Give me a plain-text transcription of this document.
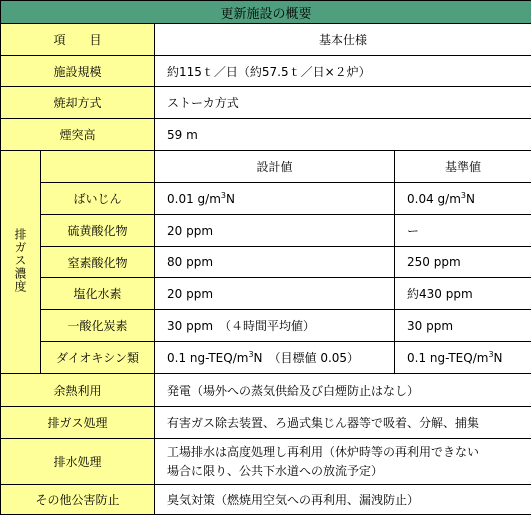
更新施設の概要			
項　　目		基本仕様	
施設規模		約115ｔ／日（約57.5ｔ／日×２炉）	
焼却方式		ストーカ方式	
煙突高		59 m	
排ガス濃度		設計値	基準値
	ばいじん	0.01 $g/m^3N$	0.04 $g/m^3N$
	硫黄酸化物	20 ppm	ー
	窒素酸化物	80 ppm	250 ppm
	塩化水素	20 ppm	約430 ppm
	一酸化炭素	30 ppm　（４時間平均値）	30 ppm
	ダイオキシン類	0.1 $ng-TEQ/m^3N$　（目標値 0.05）	0.1 $ng-TEQ/m^3N$
余熱利用		発電（場外への蒸気供給及び白煙防止はなし）	
排ガス処理		有害ガス除去装置、ろ過式集じん器等で吸着、分解、捕集	
排水処理		工場排水は高度処理し再利用（休炉時等の再利用できない
場合に限り、公共下水道への放流予定）	

その他公害防止		臭気対策（燃焼用空気への再利用、漏洩防止）	
